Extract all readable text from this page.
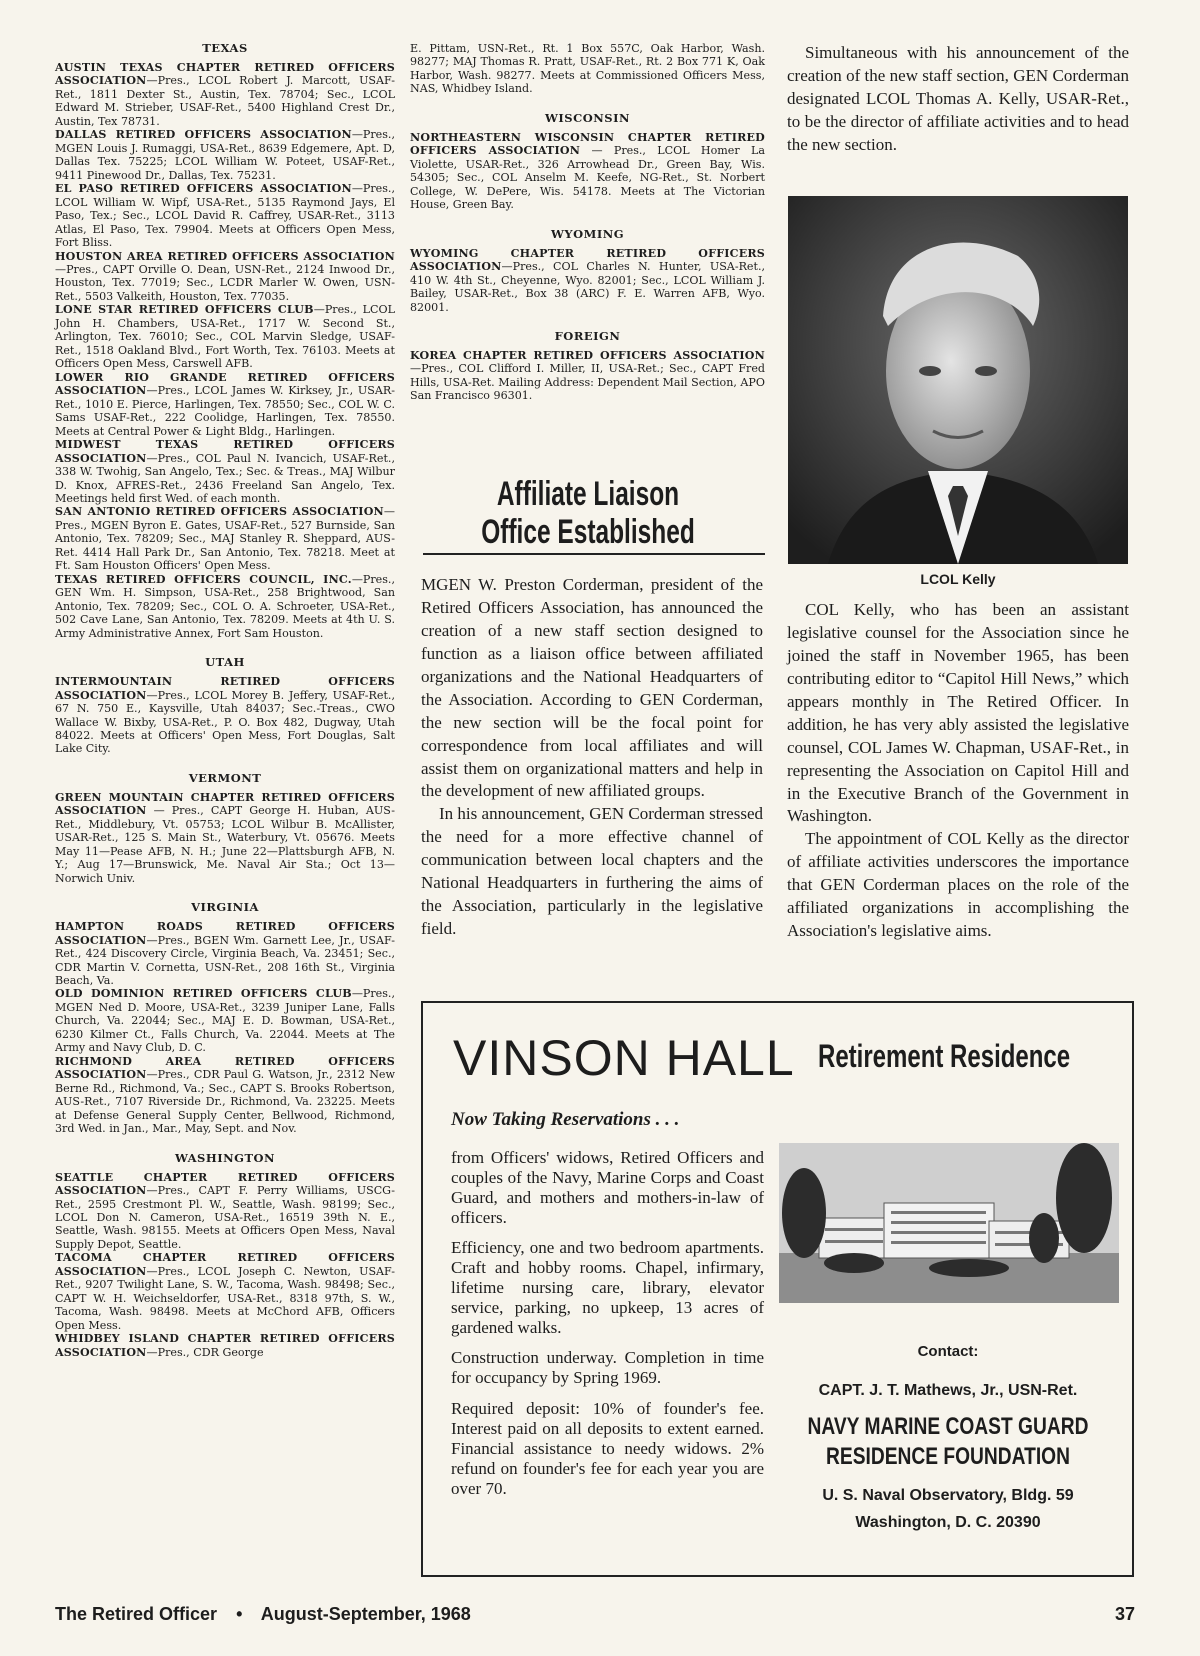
TEXAS

AUSTIN TEXAS CHAPTER RETIRED OFFICERS ASSOCIATION—Pres., LCOL Robert J. Marcott, USAF-Ret., 1811 Dexter St., Austin, Tex. 78704; Sec., LCOL Edward M. Strieber, USAF-Ret., 5400 Highland Crest Dr., Austin, Tex 78731.

DALLAS RETIRED OFFICERS ASSOCIATION—Pres., MGEN Louis J. Rumaggi, USA-Ret., 8639 Edgemere, Apt. D, Dallas Tex. 75225; LCOL William W. Poteet, USAF-Ret., 9411 Pinewood Dr., Dallas, Tex. 75231.

EL PASO RETIRED OFFICERS ASSOCIATION—Pres., LCOL William W. Wipf, USA-Ret., 5135 Raymond Jays, El Paso, Tex.; Sec., LCOL David R. Caffrey, USAR-Ret., 3113 Atlas, El Paso, Tex. 79904. Meets at Officers Open Mess, Fort Bliss.

HOUSTON AREA RETIRED OFFICERS ASSOCIATION—Pres., CAPT Orville O. Dean, USN-Ret., 2124 Inwood Dr., Houston, Tex. 77019; Sec., LCDR Marler W. Owen, USN-Ret., 5503 Valkeith, Houston, Tex. 77035.

LONE STAR RETIRED OFFICERS CLUB—Pres., LCOL John H. Chambers, USA-Ret., 1717 W. Second St., Arlington, Tex. 76010; Sec., COL Marvin Sledge, USAF-Ret., 1518 Oakland Blvd., Fort Worth, Tex. 76103. Meets at Officers Open Mess, Carswell AFB.

LOWER RIO GRANDE RETIRED OFFICERS ASSOCIATION—Pres., LCOL James W. Kirksey, Jr., USAR-Ret., 1010 E. Pierce, Harlingen, Tex. 78550; Sec., COL W. C. Sams USAF-Ret., 222 Coolidge, Harlingen, Tex. 78550. Meets at Central Power & Light Bldg., Harlingen.

MIDWEST TEXAS RETIRED OFFICERS ASSOCIATION—Pres., COL Paul N. Ivancich, USAF-Ret., 338 W. Twohig, San Angelo, Tex.; Sec. & Treas., MAJ Wilbur D. Knox, AFRES-Ret., 2436 Freeland San Angelo, Tex. Meetings held first Wed. of each month.

SAN ANTONIO RETIRED OFFICERS ASSOCIATION—Pres., MGEN Byron E. Gates, USAF-Ret., 527 Burnside, San Antonio, Tex. 78209; Sec., MAJ Stanley R. Sheppard, AUS-Ret. 4414 Hall Park Dr., San Antonio, Tex. 78218. Meet at Ft. Sam Houston Officers' Open Mess.

TEXAS RETIRED OFFICERS COUNCIL, INC.—Pres., GEN Wm. H. Simpson, USA-Ret., 258 Brightwood, San Antonio, Tex. 78209; Sec., COL O. A. Schroeter, USA-Ret., 502 Cave Lane, San Antonio, Tex. 78209. Meets at 4th U. S. Army Administrative Annex, Fort Sam Houston.

UTAH

INTERMOUNTAIN RETIRED OFFICERS ASSOCIATION—Pres., LCOL Morey B. Jeffery, USAF-Ret., 67 N. 750 E., Kaysville, Utah 84037; Sec.-Treas., CWO Wallace W. Bixby, USA-Ret., P. O. Box 482, Dugway, Utah 84022. Meets at Officers' Open Mess, Fort Douglas, Salt Lake City.

VERMONT

GREEN MOUNTAIN CHAPTER RETIRED OFFICERS ASSOCIATION — Pres., CAPT George H. Huban, AUS-Ret., Middlebury, Vt. 05753; LCOL Wilbur B. McAllister, USAR-Ret., 125 S. Main St., Waterbury, Vt. 05676. Meets May 11—Pease AFB, N. H.; June 22—Plattsburgh AFB, N. Y.; Aug 17—Brunswick, Me. Naval Air Sta.; Oct 13—Norwich Univ.

VIRGINIA

HAMPTON ROADS RETIRED OFFICERS ASSOCIATION—Pres., BGEN Wm. Garnett Lee, Jr., USAF-Ret., 424 Discovery Circle, Virginia Beach, Va. 23451; Sec., CDR Martin V. Cornetta, USN-Ret., 208 16th St., Virginia Beach, Va.

OLD DOMINION RETIRED OFFICERS CLUB—Pres., MGEN Ned D. Moore, USA-Ret., 3239 Juniper Lane, Falls Church, Va. 22044; Sec., MAJ E. D. Bowman, USA-Ret., 6230 Kilmer Ct., Falls Church, Va. 22044. Meets at The Army and Navy Club, D. C.

RICHMOND AREA RETIRED OFFICERS ASSOCIATION—Pres., CDR Paul G. Watson, Jr., 2312 New Berne Rd., Richmond, Va.; Sec., CAPT S. Brooks Robertson, AUS-Ret., 7107 Riverside Dr., Richmond, Va. 23225. Meets at Defense General Supply Center, Bellwood, Richmond, 3rd Wed. in Jan., Mar., May, Sept. and Nov.

WASHINGTON

SEATTLE CHAPTER RETIRED OFFICERS ASSOCIATION—Pres., CAPT F. Perry Williams, USCG-Ret., 2595 Crestmont Pl. W., Seattle, Wash. 98199; Sec., LCOL Don N. Cameron, USA-Ret., 16519 39th N. E., Seattle, Wash. 98155. Meets at Officers Open Mess, Naval Supply Depot, Seattle.

TACOMA CHAPTER RETIRED OFFICERS ASSOCIATION—Pres., LCOL Joseph C. Newton, USAF-Ret., 9207 Twilight Lane, S. W., Tacoma, Wash. 98498; Sec., CAPT W. H. Weichseldorfer, USA-Ret., 8318 97th, S. W., Tacoma, Wash. 98498. Meets at McChord AFB, Officers Open Mess.

WHIDBEY ISLAND CHAPTER RETIRED OFFICERS ASSOCIATION—Pres., CDR George

E. Pittam, USN-Ret., Rt. 1 Box 557C, Oak Harbor, Wash. 98277; MAJ Thomas R. Pratt, USAF-Ret., Rt. 2 Box 771 K, Oak Harbor, Wash. 98277. Meets at Commissioned Officers Mess, NAS, Whidbey Island.

WISCONSIN

NORTHEASTERN WISCONSIN CHAPTER RETIRED OFFICERS ASSOCIATION — Pres., LCOL Homer La Violette, USAR-Ret., 326 Arrowhead Dr., Green Bay, Wis. 54305; Sec., COL Anselm M. Keefe, NG-Ret., St. Norbert College, W. DePere, Wis. 54178. Meets at The Victorian House, Green Bay.

WYOMING

WYOMING CHAPTER RETIRED OFFICERS ASSOCIATION—Pres., COL Charles N. Hunter, USA-Ret., 410 W. 4th St., Cheyenne, Wyo. 82001; Sec., LCOL William J. Bailey, USAR-Ret., Box 38 (ARC) F. E. Warren AFB, Wyo. 82001.

FOREIGN

KOREA CHAPTER RETIRED OFFICERS ASSOCIATION—Pres., COL Clifford I. Miller, II, USA-Ret.; Sec., CAPT Fred Hills, USA-Ret. Mailing Address: Dependent Mail Section, APO San Francisco 96301.

Affiliate Liaison
Office Established

MGEN W. Preston Corderman, president of the Retired Officers Association, has announced the creation of a new staff section designed to function as a liaison office between affiliated organizations and the National Headquarters of the Association. According to GEN Corderman, the new section will be the focal point for correspondence from local affiliates and will assist them on organizational matters and help in the development of new affiliated groups.

In his announcement, GEN Corderman stressed the need for a more effective channel of communication between local chapters and the National Headquarters in furthering the aims of the Association, particularly in the legislative field.

Simultaneous with his announcement of the creation of the new staff section, GEN Corderman designated LCOL Thomas A. Kelly, USAR-Ret., to be the director of affiliate activities and to head the new section.

LCOL Kelly

COL Kelly, who has been an assistant legislative counsel for the Association since he joined the staff in November 1965, has been contributing editor to “Capitol Hill News,” which appears monthly in The Retired Officer. In addition, he has very ably assisted the legislative counsel, COL James W. Chapman, USAF-Ret., in representing the Association on Capitol Hill and in the Executive Branch of the Government in Washington.

The appointment of COL Kelly as the director of affiliate activities underscores the importance that GEN Corderman places on the role of the affiliated organizations in accomplishing the Association's legislative aims.

VINSON HALL Retirement Residence
Now Taking Reservations . . .

from Officers' widows, Retired Officers and couples of the Navy, Marine Corps and Coast Guard, and mothers and mothers-in-law of officers.

Efficiency, one and two bedroom apartments. Craft and hobby rooms. Chapel, infirmary, lifetime nursing care, library, elevator service, parking, no upkeep, 13 acres of gardened walks.

Construction underway. Completion in time for occupancy by Spring 1969.

Required deposit: 10% of founder's fee. Interest paid on all deposits to extent earned. Financial assistance to needy widows. 2% refund on founder's fee for each year you are over 70.

Contact:
CAPT. J. T. Mathews, Jr., USN-Ret.
NAVY MARINE COAST GUARD
RESIDENCE FOUNDATION
U. S. Naval Observatory, Bldg. 59
Washington, D. C. 20390
The Retired Officer • August-September, 1968	37
